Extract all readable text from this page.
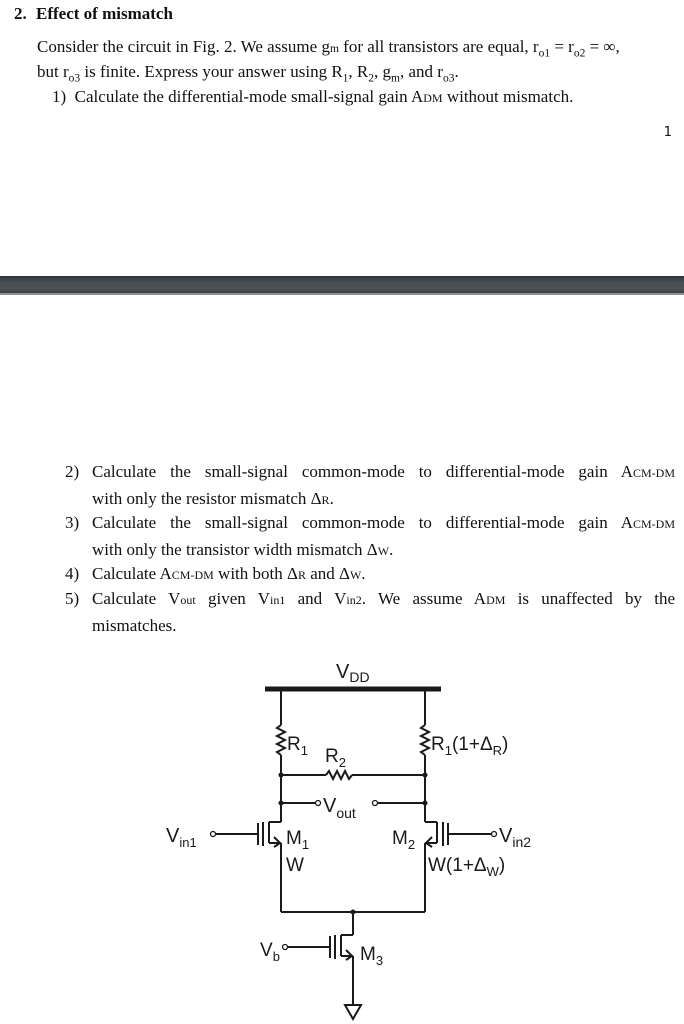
2. Effect of mismatch
Consider the circuit in Fig. 2. We assume gm for all transistors are equal, $r_{o1} = r_{o2}$ = ∞,
but $r_{o3}$ is finite. Express your answer using $R_1$, $R_2$, $g_m$, and $r_{o3}$.
1) Calculate the differential-mode small-signal gain ADM without mismatch.
1
2) Calculate the small-signal common-mode to differential-mode gain ACM-DM
with only the resistor mismatch ΔR.
3) Calculate the small-signal common-mode to differential-mode gain ACM-DM
with only the transistor width mismatch ΔW.
4) Calculate ACM-DM with both ΔR and ΔW.
5) Calculate Vout given Vin1 and Vin2. We assume ADM is unaffected by the
mismatches.
$V_{DD}$
$R_1$ $R_2$
$R_1(1+\Delta_R)$
$V_{out}$
$V_{in1}$	$V_{in2}$
$M_1$	$M_2$
W	$W(1+\Delta_W)$
$V_b$	$M_3$
